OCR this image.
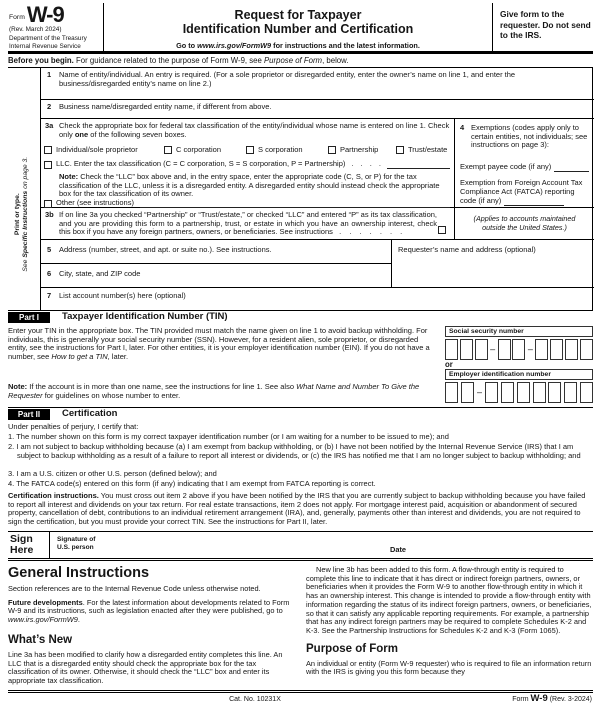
Form W-9
(Rev. March 2024)
Department of the Treasury
Internal Revenue Service
Request for Taxpayer
Identification Number and Certification
Go to www.irs.gov/FormW9 for instructions and the latest information.
Give form to the requester. Do not send to the IRS.
Before you begin. For guidance related to the purpose of Form W-9, see Purpose of Form, below.
Print or type.
See Specific Instructions on page 3.
1 Name of entity/individual. An entry is required. (For a sole proprietor or disregarded entity, enter the owner’s name on line 1, and enter the business/disregarded entity’s name on line 2.)
2 Business name/disregarded entity name, if different from above.
3a Check the appropriate box for federal tax classification of the entity/individual whose name is entered on line 1. Check only one of the following seven boxes.
Individual/sole proprietor	C corporation	S corporation	Partnership	Trust/estate
LLC. Enter the tax classification (C = C corporation, S = S corporation, P = Partnership) . . . .
Note: Check the “LLC” box above and, in the entry space, enter the appropriate code (C, S, or P) for the tax classification of the LLC, unless it is a disregarded entity. A disregarded entity should instead check the appropriate box for the tax classification of its owner.
Other (see instructions)
3b If on line 3a you checked “Partnership” or “Trust/estate,” or checked “LLC” and entered “P” as its tax classification, and you are providing this form to a partnership, trust, or estate in which you have an ownership interest, check this box if you have any foreign partners, owners, or beneficiaries. See instructions
. . . . . . . .
4 Exemptions (codes apply only to certain entities, not individuals; see instructions on page 3):
Exempt payee code (if any)
Exemption from Foreign Account Tax Compliance Act (FATCA) reporting
code (if any)
(Applies to accounts maintained outside the United States.)
Requester’s name and address (optional)
5 Address (number, street, and apt. or suite no.). See instructions.
6 City, state, and ZIP code
7 List account number(s) here (optional)
Part I	Taxpayer Identification Number (TIN)
Enter your TIN in the appropriate box. The TIN provided must match the name given on line 1 to avoid backup withholding. For individuals, this is generally your social security number (SSN). However, for a resident alien, sole proprietor, or disregarded entity, see the instructions for Part I, later. For other entities, it is your employer identification number (EIN). If you do not have a number, see How to get a TIN, later.
Note: If the account is in more than one name, see the instructions for line 1. See also What Name and Number To Give the Requester for guidelines on whose number to enter.
Social security number
–	–
or
Employer identification number
–
Part II	Certification
Under penalties of perjury, I certify that:
1. The number shown on this form is my correct taxpayer identification number (or I am waiting for a number to be issued to me); and
2. I am not subject to backup withholding because (a) I am exempt from backup withholding, or (b) I have not been notified by the Internal Revenue Service (IRS) that I am subject to backup withholding as a result of a failure to report all interest or dividends, or (c) the IRS has notified me that I am no longer subject to backup withholding; and
3. I am a U.S. citizen or other U.S. person (defined below); and
4. The FATCA code(s) entered on this form (if any) indicating that I am exempt from FATCA reporting is correct.
Certification instructions. You must cross out item 2 above if you have been notified by the IRS that you are currently subject to backup withholding because you have failed to report all interest and dividends on your tax return. For real estate transactions, item 2 does not apply. For mortgage interest paid, acquisition or abandonment of secured property, cancellation of debt, contributions to an individual retirement arrangement (IRA), and, generally, payments other than interest and dividends, you are not required to sign the certification, but you must provide your correct TIN. See the instructions for Part II, later.
Sign
Here
Signature of
U.S. person	Date
General Instructions
Section references are to the Internal Revenue Code unless otherwise noted.
Future developments. For the latest information about developments related to Form W-9 and its instructions, such as legislation enacted after they were published, go to www.irs.gov/FormW9.
What’s New
Line 3a has been modified to clarify how a disregarded entity completes this line. An LLC that is a disregarded entity should check the appropriate box for the tax classification of its owner. Otherwise, it should check the “LLC” box and enter its appropriate tax classification.
New line 3b has been added to this form. A flow-through entity is required to complete this line to indicate that it has direct or indirect foreign partners, owners, or beneficiaries when it provides the Form W-9 to another flow-through entity in which it has an ownership interest. This change is intended to provide a flow-through entity with information regarding the status of its indirect foreign partners, owners, or beneficiaries, so that it can satisfy any applicable reporting requirements. For example, a partnership that has any indirect foreign partners may be required to complete Schedules K-2 and K-3. See the Partnership Instructions for Schedules K-2 and K-3 (Form 1065).
Purpose of Form
An individual or entity (Form W-9 requester) who is required to file an information return with the IRS is giving you this form because they
Cat. No. 10231X	Form W-9 (Rev. 3-2024)
